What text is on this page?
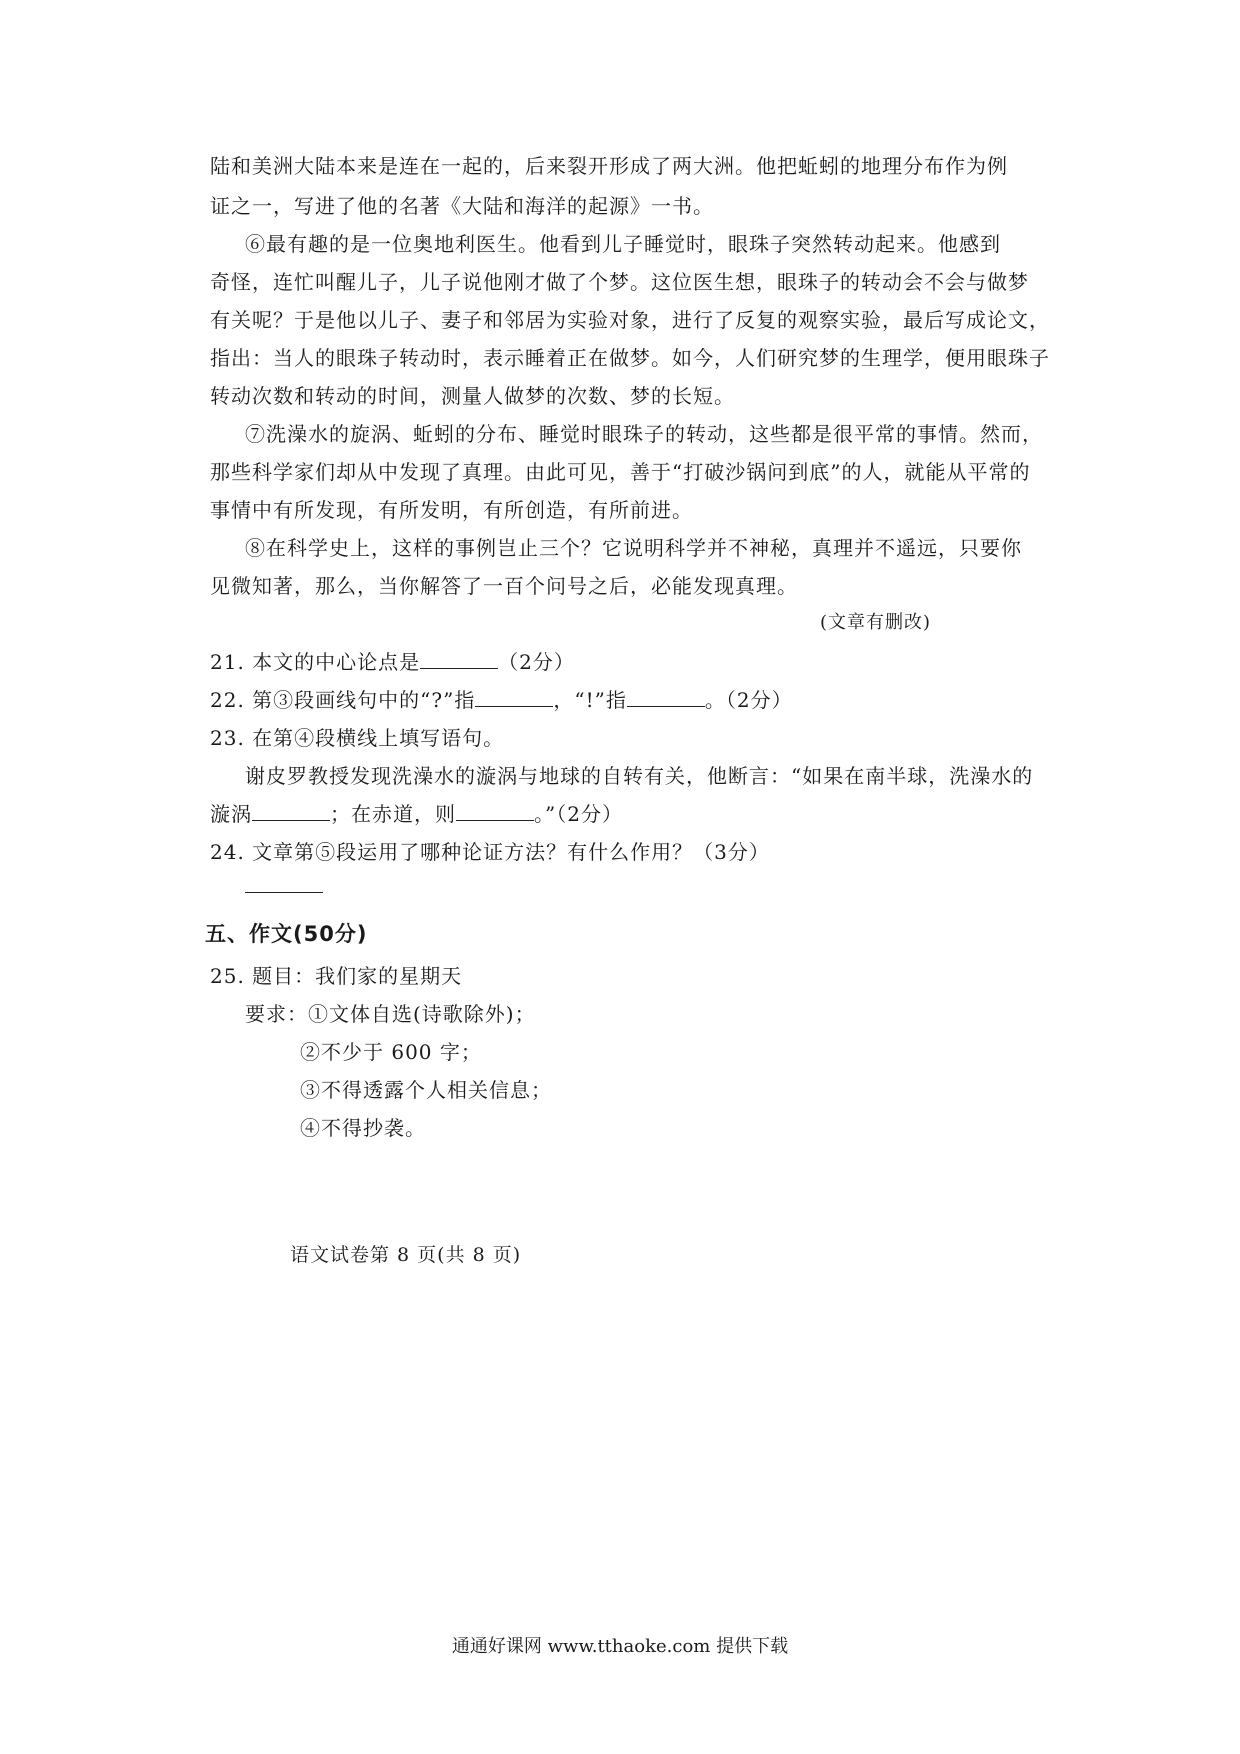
陆和美洲大陆本来是连在一起的，后来裂开形成了两大洲。他把蚯蚓的地理分布作为例
证之一，写进了他的名著《大陆和海洋的起源》一书。
⑥最有趣的是一位奥地利医生。他看到儿子睡觉时，眼珠子突然转动起来。他感到
奇怪，连忙叫醒儿子，儿子说他刚才做了个梦。这位医生想，眼珠子的转动会不会与做梦
有关呢？于是他以儿子、妻子和邻居为实验对象，进行了反复的观察实验，最后写成论文，
指出：当人的眼珠子转动时，表示睡着正在做梦。如今，人们研究梦的生理学，便用眼珠子
转动次数和转动的时间，测量人做梦的次数、梦的长短。
⑦洗澡水的旋涡、蚯蚓的分布、睡觉时眼珠子的转动，这些都是很平常的事情。然而，
那些科学家们却从中发现了真理。由此可见，善于“打破沙锅问到底”的人，就能从平常的
事情中有所发现，有所发明，有所创造，有所前进。
⑧在科学史上，这样的事例岂止三个？它说明科学并不神秘，真理并不遥远，只要你
见微知著，那么，当你解答了一百个问号之后，必能发现真理。
(文章有删改)
21. 本文的中心论点是	（2分）
22. 第③段画线句中的“?”指	，“!”指	。（2分）
23. 在第④段横线上填写语句。
谢皮罗教授发现洗澡水的漩涡与地球的自转有关，他断言：“如果在南半球，洗澡水的
漩涡	；在赤道，则	。”（2分）
24. 文章第⑤段运用了哪种论证方法？有什么作用？（3分）
五、作文(50分)
25. 题目：我们家的星期天
要求：①文体自选(诗歌除外)；
②不少于 600 字；
③不得透露个人相关信息；
④不得抄袭。
语文试卷第 8 页(共 8 页)
通通好课网 www.tthaoke.com 提供下载
